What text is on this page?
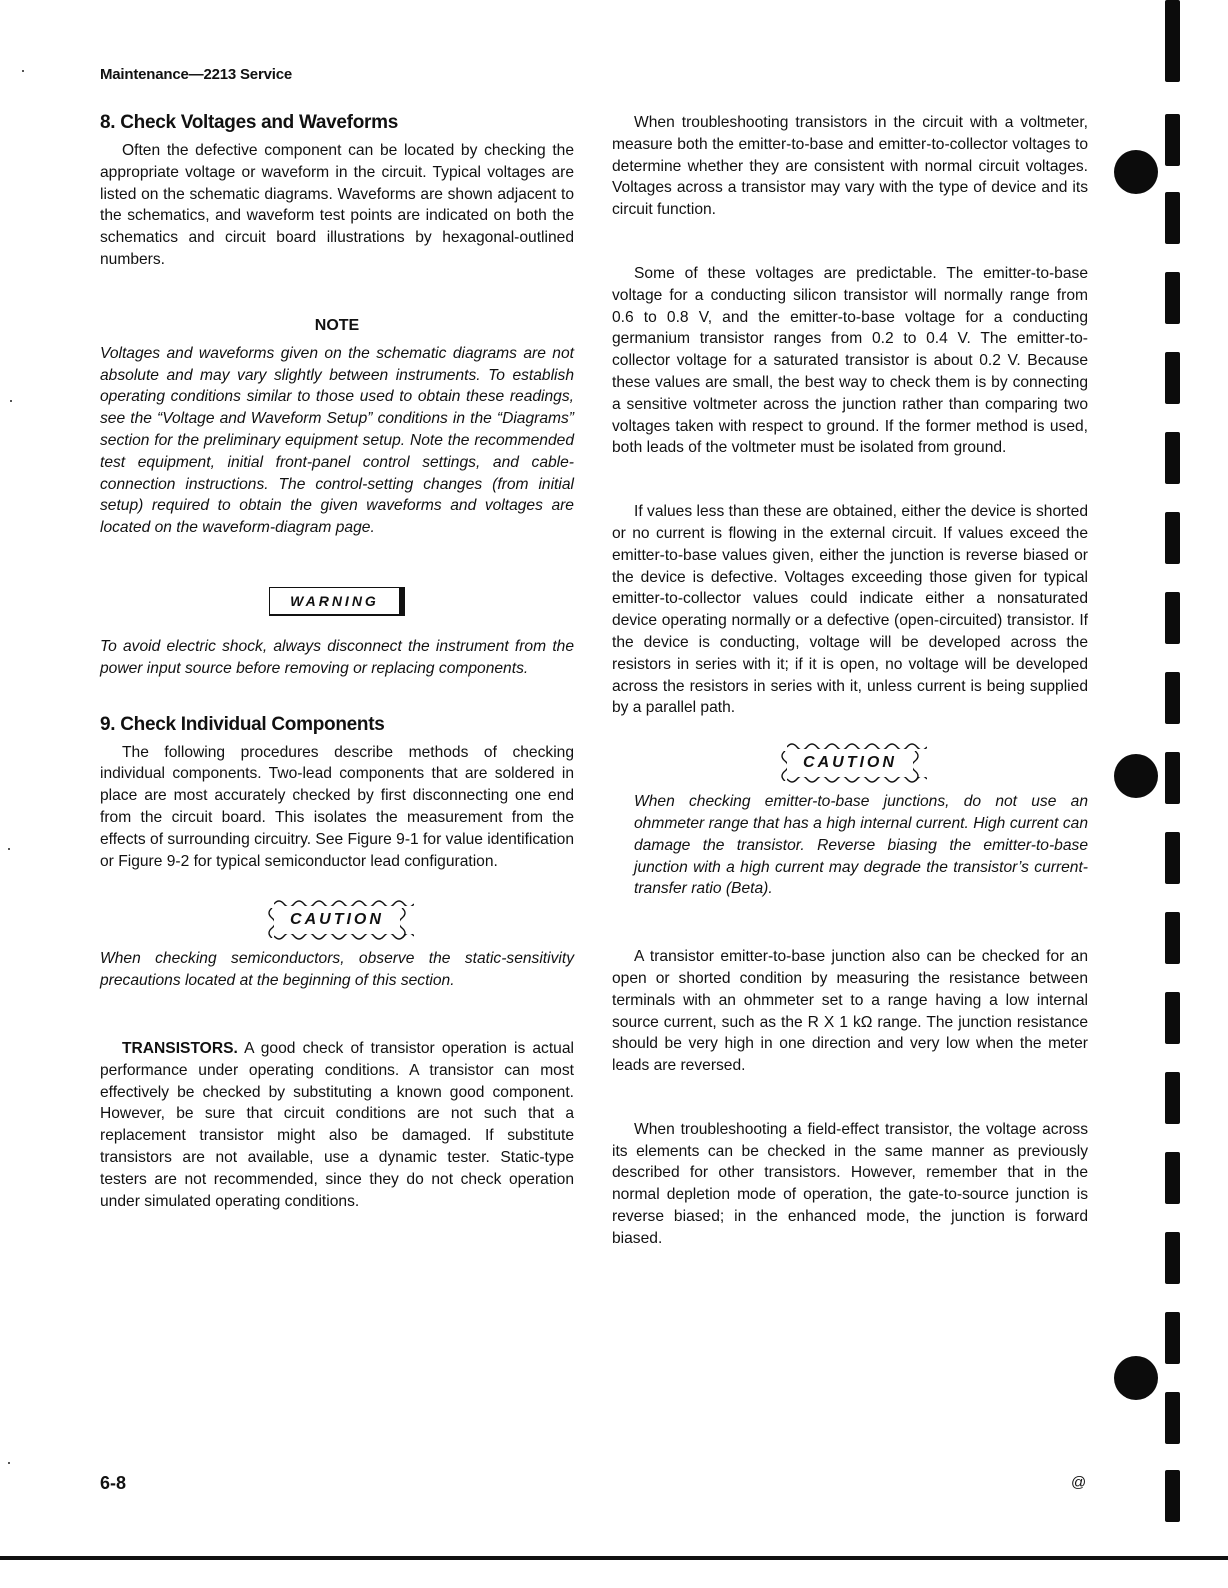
Maintenance—2213 Service
8. Check Voltages and Waveforms

Often the defective component can be located by checking the appropriate voltage or waveform in the circuit. Typical voltages are listed on the schematic diagrams. Waveforms are shown adjacent to the schematics, and waveform test points are indicated on both the schematics and circuit board illustrations by hexagonal-outlined numbers.

NOTE

Voltages and waveforms given on the schematic diagrams are not absolute and may vary slightly between instruments. To establish operating conditions similar to those used to obtain these readings, see the “Voltage and Waveform Setup” conditions in the “Diagrams” section for the preliminary equipment setup. Note the recommended test equipment, initial front-panel control settings, and cable-connection instructions. The control-setting changes (from initial setup) required to obtain the given waveforms and voltages are located on the waveform-diagram page.

WARNING

To avoid electric shock, always disconnect the instrument from the power input source before removing or replacing components.

9. Check Individual Components

The following procedures describe methods of checking individual components. Two-lead components that are soldered in place are most accurately checked by first disconnecting one end from the circuit board. This isolates the measurement from the effects of surrounding circuitry. See Figure 9-1 for value identification or Figure 9-2 for typical semiconductor lead configuration.

CAUTION

When checking semiconductors, observe the static-sensitivity precautions located at the beginning of this section.

TRANSISTORS. A good check of transistor operation is actual performance under operating conditions. A transistor can most effectively be checked by substituting a known good component. However, be sure that circuit conditions are not such that a replacement transistor might also be damaged. If substitute transistors are not available, use a dynamic tester. Static-type testers are not recommended, since they do not check operation under simulated operating conditions.

When troubleshooting transistors in the circuit with a voltmeter, measure both the emitter-to-base and emitter-to-collector voltages to determine whether they are consistent with normal circuit voltages. Voltages across a transistor may vary with the type of device and its circuit function.

Some of these voltages are predictable. The emitter-to-base voltage for a conducting silicon transistor will normally range from 0.6 to 0.8 V, and the emitter-to-base voltage for a conducting germanium transistor ranges from 0.2 to 0.4 V. The emitter-to-collector voltage for a saturated transistor is about 0.2 V. Because these values are small, the best way to check them is by connecting a sensitive voltmeter across the junction rather than comparing two voltages taken with respect to ground. If the former method is used, both leads of the voltmeter must be isolated from ground.

If values less than these are obtained, either the device is shorted or no current is flowing in the external circuit. If values exceed the emitter-to-base values given, either the junction is reverse biased or the device is defective. Voltages exceeding those given for typical emitter-to-collector values could indicate either a nonsaturated device operating normally or a defective (open-circuited) transistor. If the device is conducting, voltage will be developed across the resistors in series with it; if it is open, no voltage will be developed across the resistors in series with it, unless current is being supplied by a parallel path.

CAUTION

When checking emitter-to-base junctions, do not use an ohmmeter range that has a high internal current. High current can damage the transistor. Reverse biasing the emitter-to-base junction with a high current may degrade the transistor’s current-transfer ratio (Beta).

A transistor emitter-to-base junction also can be checked for an open or shorted condition by measuring the resistance between terminals with an ohmmeter set to a range having a low internal source current, such as the R X 1 kΩ range. The junction resistance should be very high in one direction and very low when the meter leads are reversed.

When troubleshooting a field-effect transistor, the voltage across its elements can be checked in the same manner as previously described for other transistors. However, remember that in the normal depletion mode of operation, the gate-to-source junction is reverse biased; in the enhanced mode, the junction is forward biased.

6-8	@
